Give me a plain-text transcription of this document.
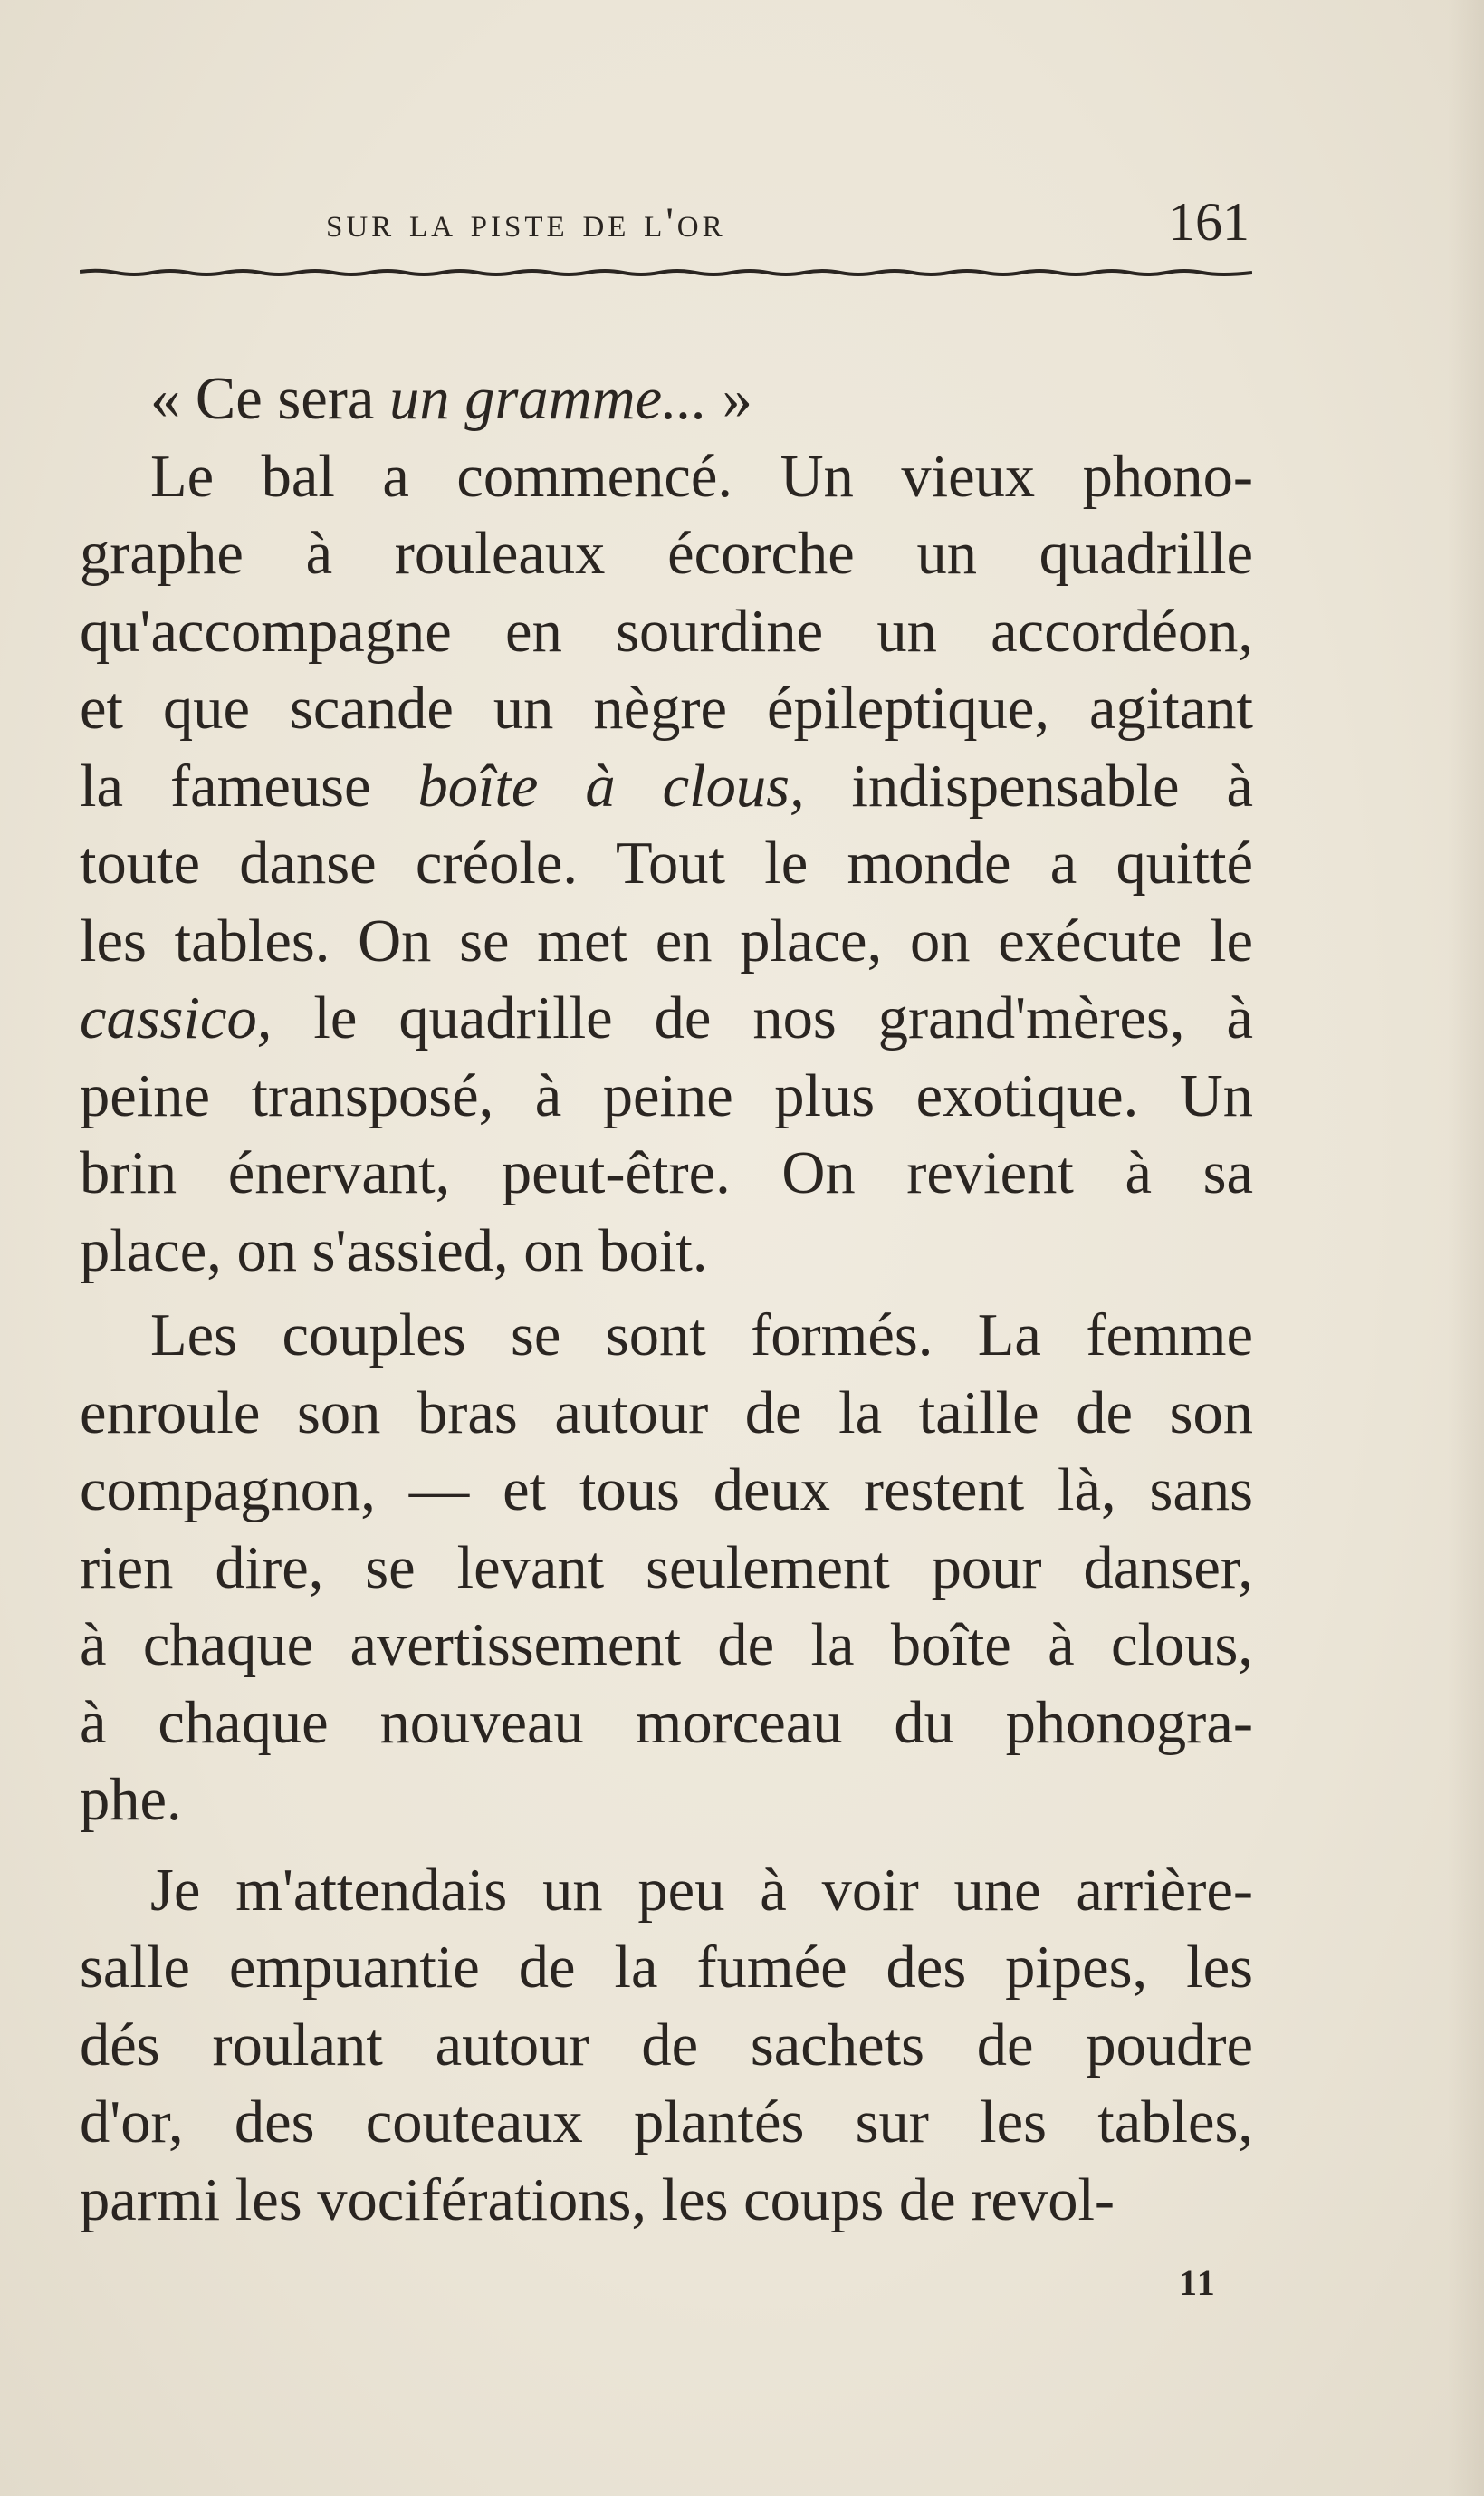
sur la piste de l'or	161
« Ce sera un gramme... »
Le bal a commencé. Un vieux phono-
graphe à rouleaux écorche un quadrille
qu'accompagne en sourdine un accordéon,
et que scande un nègre épileptique, agitant
la fameuse boîte à clous, indispensable à
toute danse créole. Tout le monde a quitté
les tables. On se met en place, on exécute le
cassico, le quadrille de nos grand'mères, à
peine transposé, à peine plus exotique. Un
brin énervant, peut-être. On revient à sa
place, on s'assied, on boit.
Les couples se sont formés. La femme
enroule son bras autour de la taille de son
compagnon, — et tous deux restent là, sans
rien dire, se levant seulement pour danser,
à chaque avertissement de la boîte à clous,
à chaque nouveau morceau du phonogra-
phe.
Je m'attendais un peu à voir une arrière-
salle empuantie de la fumée des pipes, les
dés roulant autour de sachets de poudre
d'or, des couteaux plantés sur les tables,
parmi les vociférations, les coups de revol-
11
